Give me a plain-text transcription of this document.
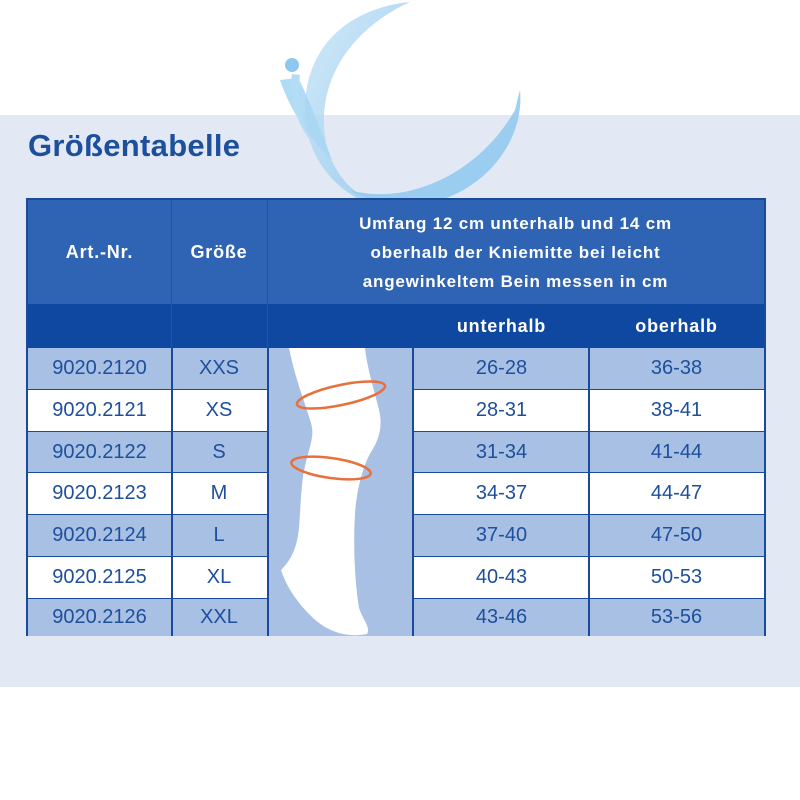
Größentabelle
Art.-Nr.	Größe
Umfang 12 cm unterhalb und 14 cm oberhalb der Kniemitte bei leicht angewinkeltem Bein messen in cm
unterhalb	oberhalb
9020.2120	XXS	26-28	36-38
9020.2121	XS	28-31	38-41
9020.2122	S	31-34	41-44
9020.2123	M	34-37	44-47
9020.2124	L	37-40	47-50
9020.2125	XL	40-43	50-53
9020.2126	XXL	43-46	53-56
